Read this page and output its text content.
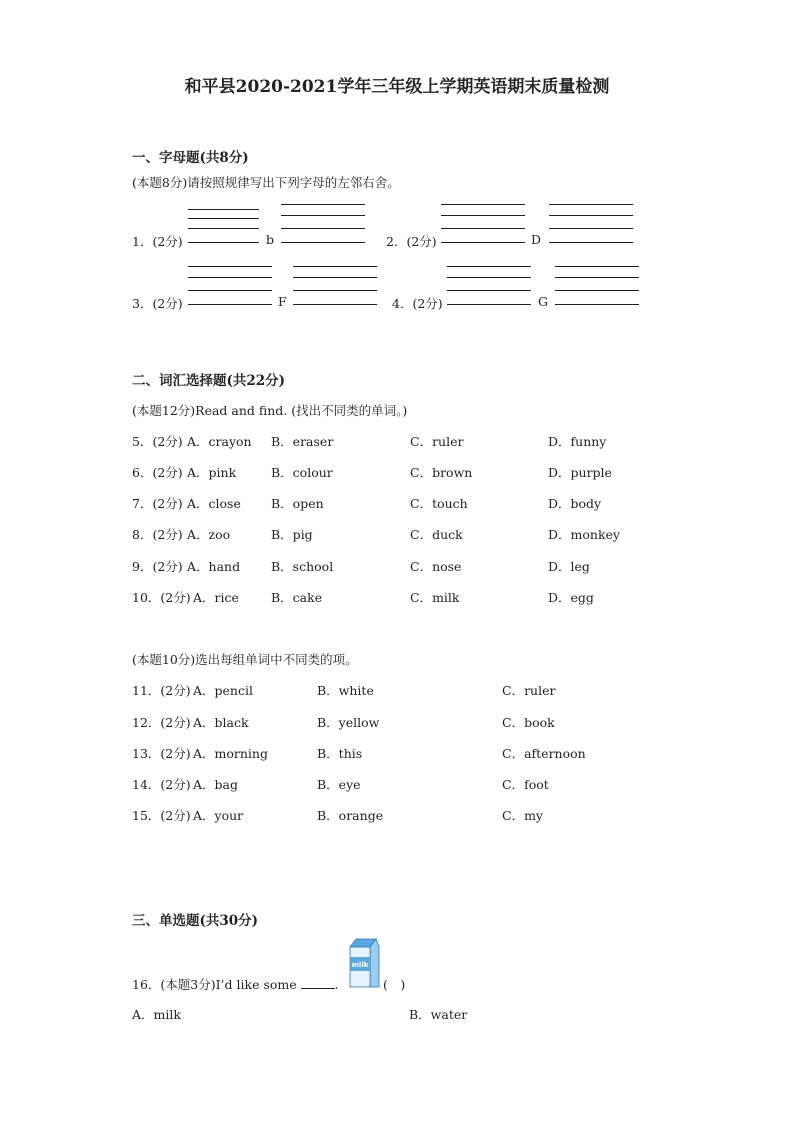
和平县2020-2021学年三年级上学期英语期末质量检测
一、字母题(共8分)
(本题8分)请按照规律写出下列字母的左邻右舍。
1．(2分)	b	2．(2分)	D
3．(2分)	F	4．(2分)	G
二、词汇选择题(共22分)
(本题12分)Read and find. (找出不同类的单词。)
5．(2分) A．crayon B．eraser	C．ruler	D．funny
6．(2分) A．pink	B．colour	C．brown	D．purple
7．(2分) A．close B．open	C．touch	D．body
8．(2分) A．zoo	B．pig	C．duck	D．monkey
9．(2分) A．hand B．school	C．nose	D．leg
10．(2分) A．rice	B．cake	C．milk	D．egg
(本题10分)选出每组单词中不同类的项。
11．(2分) A．pencil	B．white	C．ruler
12．(2分) A．black	B．yellow	C．book
13．(2分) A．morning	B．this	C．afternoon
14．(2分) A．bag	B．eye	C．foot
15．(2分) A．your	B．orange	C．my
三、单选题(共30分)
16．(本题3分)I’d like some	.
milk
(　)
A．milk	B．water
